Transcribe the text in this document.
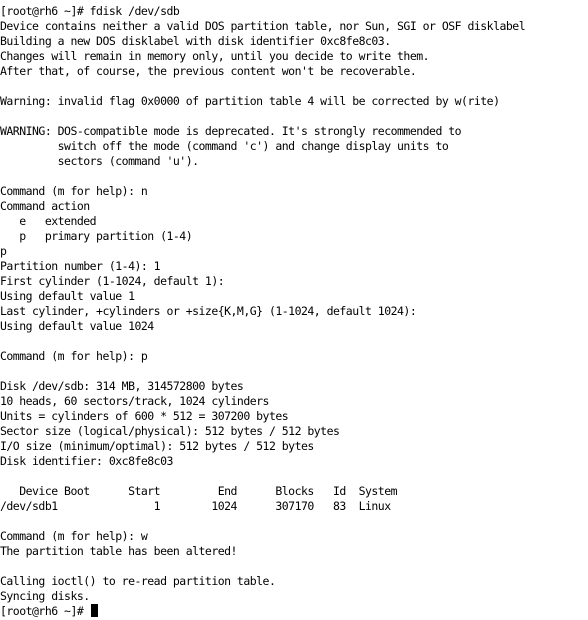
[root@rh6 ~]# fdisk /dev/sdb
Device contains neither a valid DOS partition table, nor Sun, SGI or OSF disklabel
Building a new DOS disklabel with disk identifier 0xc8fe8c03.
Changes will remain in memory only, until you decide to write them.
After that, of course, the previous content won't be recoverable.
Warning: invalid flag 0x0000 of partition table 4 will be corrected by w(rite)
WARNING: DOS-compatible mode is deprecated. It's strongly recommended to
switch off the mode (command 'c') and change display units to
sectors (command 'u').
Command (m for help): n
Command action
e   extended
p   primary partition (1-4)
p
Partition number (1-4): 1
First cylinder (1-1024, default 1):
Using default value 1
Last cylinder, +cylinders or +size{K,M,G} (1-1024, default 1024):
Using default value 1024
Command (m for help): p
Disk /dev/sdb: 314 MB, 314572800 bytes
10 heads, 60 sectors/track, 1024 cylinders
Units = cylinders of 600 * 512 = 307200 bytes
Sector size (logical/physical): 512 bytes / 512 bytes
I/O size (minimum/optimal): 512 bytes / 512 bytes
Disk identifier: 0xc8fe8c03
Device Boot      Start         End      Blocks   Id  System
/dev/sdb1               1        1024      307170   83  Linux
Command (m for help): w
The partition table has been altered!
Calling ioctl() to re-read partition table.
Syncing disks.
[root@rh6 ~]#
